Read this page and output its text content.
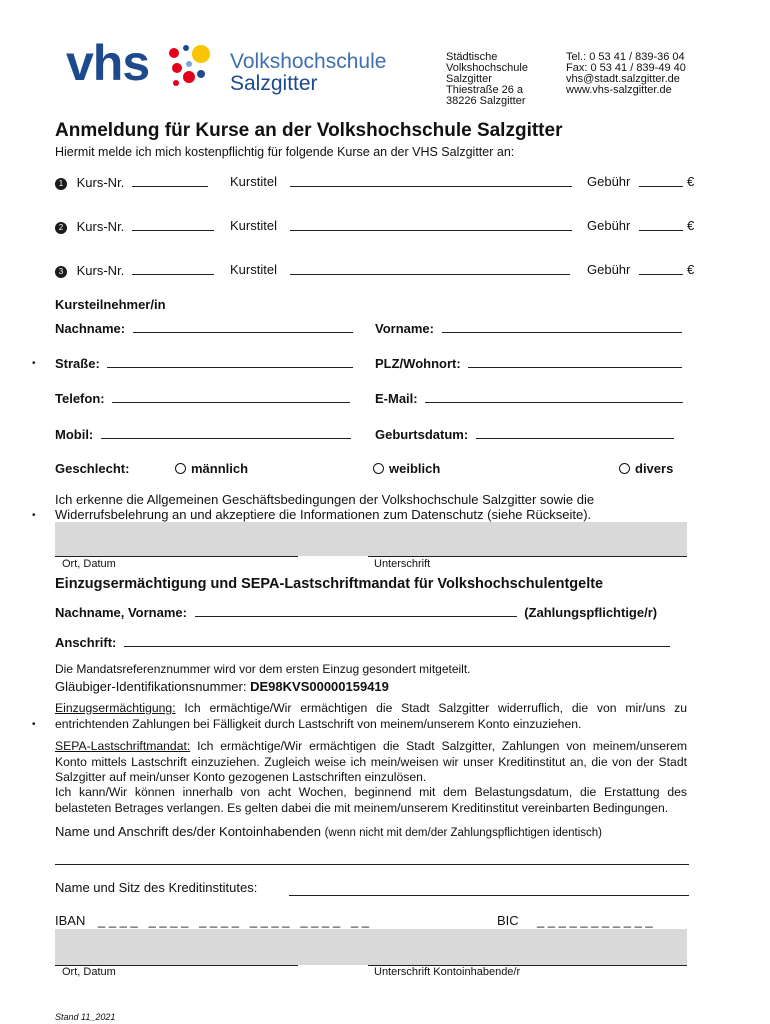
vhs	Volkshochschule
Salzgitter
Städtische
Volkshochschule
Salzgitter
Thiestraße 26 a
38226 Salzgitter
Tel.: 0 53 41 / 839-36 04
Fax: 0 53 41 / 839-49 40
vhs@stadt.salzgitter.de
www.vhs-salzgitter.de
Anmeldung für Kurse an der Volkshochschule Salzgitter
Hiermit melde ich mich kostenpflichtig für folgende Kurse an der VHS Salzgitter an:
1 Kurs-Nr.	Kurstitel	Gebühr	€
2 Kurs-Nr.	Kurstitel	Gebühr	€
3 Kurs-Nr.	Kurstitel	Gebühr	€
Kursteilnehmer/in
Nachname:	Vorname:
• Straße:	PLZ/Wohnort:
Telefon:	E-Mail:
Mobil:	Geburtsdatum:
Geschlecht:	männlich	weiblich	divers
Ich erkenne die Allgemeinen Geschäftsbedingungen der Volkshochschule Salzgitter sowie die
• Widerrufsbelehrung an und akzeptiere die Informationen zum Datenschutz (siehe Rückseite).
Ort, Datum	Unterschrift
Einzugsermächtigung und SEPA-Lastschriftmandat für Volkshochschulentgelte
Nachname, Vorname:	(Zahlungspflichtige/r)
Anschrift:
Die Mandatsreferenznummer wird vor dem ersten Einzug gesondert mitgeteilt.
Gläubiger-Identifikationsnummer: DE98KVS00000159419
•
Einzugsermächtigung: Ich ermächtige/Wir ermächtigen die Stadt Salzgitter widerruflich, die von mir/uns zu entrichtenden Zahlungen bei Fälligkeit durch Lastschrift von meinem/unserem Konto einzuziehen.
SEPA-Lastschriftmandat: Ich ermächtige/Wir ermächtigen die Stadt Salzgitter, Zahlungen von meinem/unserem Konto mittels Lastschrift einzuziehen. Zugleich weise ich mein/weisen wir unser Kreditinstitut an, die von der Stadt Salzgitter auf mein/unser Konto gezogenen Lastschriften einzulösen.
Ich kann/Wir können innerhalb von acht Wochen, beginnend mit dem Belastungsdatum, die Erstattung des belasteten Betrages verlangen. Es gelten dabei die mit meinem/unserem Kreditinstitut vereinbarten Bedingungen.
Name und Anschrift des/der Kontoinhabenden (wenn nicht mit dem/der Zahlungspflichtigen identisch)
Name und Sitz des Kreditinstitutes:
IBAN _ _ _ _   _ _ _ _   _ _ _ _   _ _ _ _   _ _ _ _   _ _	BIC _ _ _ _ _ _ _ _ _ _ _
Ort, Datum	Unterschrift Kontoinhabende/r
Stand 11_2021
